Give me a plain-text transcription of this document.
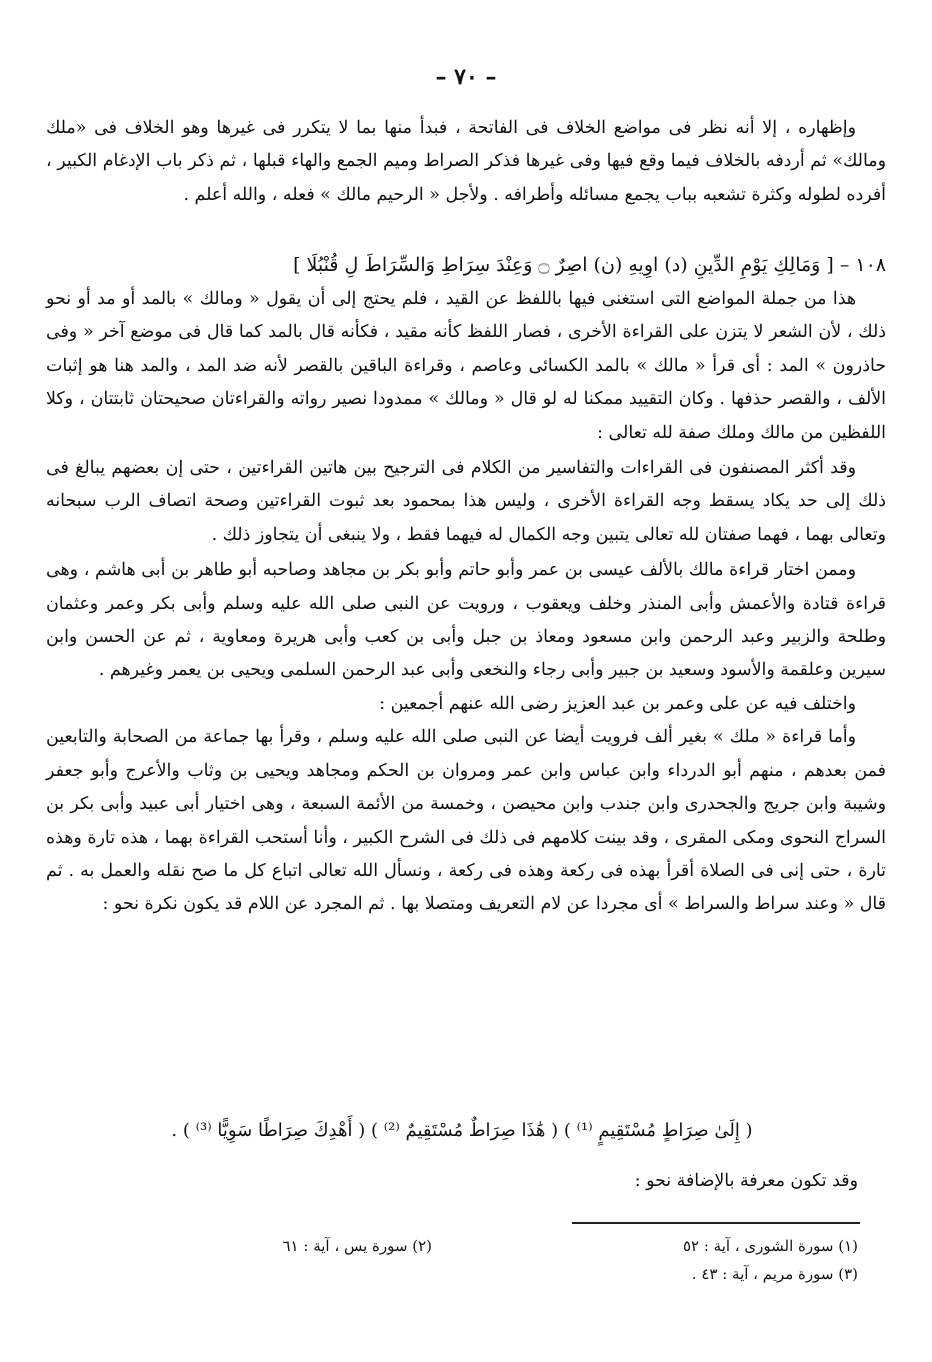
– ٧٠ –

وإظهاره ، إلا أنه نظر فى مواضع الخلاف فى الفاتحة ، فبدأ منها بما لا يتكرر فى غيرها وهو الخلاف فى «ملك ومالك» ثم أردفه بالخلاف فيما وقع فيها وفى غيرها فذكر الصراط وميم الجمع والهاء قبلها ، ثم ذكر باب الإدغام الكبير ، أفرده لطوله وكثرة تشعبه بباب يجمع مسائله وأطرافه . ولأجل « الرحيم مالك » فعله ، والله أعلم .

١٠٨ – [ وَمَالِكِ يَوْمِ الدِّينِ (د) اوِيهِ (ن) اصِرٌ ۝ وَعِنْدَ سِرَاطِ وَالسِّرَاطَ لِ قُنْبُلَا ]

هذا من جملة المواضع التى استغنى فيها باللفظ عن القيد ، فلم يحتج إلى أن يقول « ومالك » بالمد أو مد أو نحو ذلك ، لأن الشعر لا يتزن على القراءة الأخرى ، فصار اللفظ كأنه مقيد ، فكأنه قال بالمد كما قال فى موضع آخر « وفى حاذرون » المد : أى قرأ « مالك » بالمد الكسائى وعاصم ، وقراءة الباقين بالقصر لأنه ضد المد ، والمد هنا هو إثبات الألف ، والقصر حذفها . وكان التقييد ممكنا له لو قال « ومالك » ممدودا نصير رواته والقراءتان صحيحتان ثابتتان ، وكلا اللفظين من مالك وملك صفة لله تعالى :

وقد أكثر المصنفون فى القراءات والتفاسير من الكلام فى الترجيح بين هاتين القراءتين ، حتى إن بعضهم يبالغ فى ذلك إلى حد يكاد يسقط وجه القراءة الأخرى ، وليس هذا بمحمود بعد ثبوت القراءتين وصحة اتصاف الرب سبحانه وتعالى بهما ، فهما صفتان لله تعالى يتبين وجه الكمال له فيهما فقط ، ولا ينبغى أن يتجاوز ذلك .

وممن اختار قراءة مالك بالألف عيسى بن عمر وأبو حاتم وأبو بكر بن مجاهد وصاحبه أبو طاهر بن أبى هاشم ، وهى قراءة قتادة والأعمش وأبى المنذر وخلف ويعقوب ، ورويت عن النبى صلى الله عليه وسلم وأبى بكر وعمر وعثمان وطلحة والزبير وعبد الرحمن وابن مسعود ومعاذ بن جبل وأبى بن كعب وأبى هريرة ومعاوية ، ثم عن الحسن وابن سيرين وعلقمة والأسود وسعيد بن جبير وأبى رجاء والنخعى وأبى عبد الرحمن السلمى ويحيى بن يعمر وغيرهم .

واختلف فيه عن على وعمر بن عبد العزيز رضى الله عنهم أجمعين :

وأما قراءة « ملك » بغير ألف فرويت أيضا عن النبى صلى الله عليه وسلم ، وقرأ بها جماعة من الصحابة والتابعين فمن بعدهم ، منهم أبو الدرداء وابن عباس وابن عمر ومروان بن الحكم ومجاهد ويحيى بن وثاب والأعرج وأبو جعفر وشيبة وابن جريج والجحدرى وابن جندب وابن محيصن ، وخمسة من الأئمة السبعة ، وهى اختيار أبى عبيد وأبى بكر بن السراج النحوى ومكى المقرى ، وقد بينت كلامهم فى ذلك فى الشرح الكبير ، وأنا أستحب القراءة بهما ، هذه تارة وهذه تارة ، حتى إنى فى الصلاة أقرأ بهذه فى ركعة وهذه فى ركعة ، ونسأل الله تعالى اتباع كل ما صح نقله والعمل به . ثم قال « وعند سراط والسراط » أى مجردا عن لام التعريف ومتصلا بها . ثم المجرد عن اللام قد يكون نكرة نحو :

( إِلَىٰ صِرَاطٍ مُسْتَقِيمٍ ⁽¹⁾ ) ( هَٰذَا صِرَاطٌ مُسْتَقِيمٌ ⁽²⁾ ) ( أَهْدِكَ صِرَاطًا سَوِيًّا ⁽³⁾ ) .
وقد تكون معرفة بالإضافة نحو :
(١) سورة الشورى ، آية : ٥٢
(٢) سورة يس ، آية : ٦١
(٣) سورة مريم ، آية : ٤٣ .
